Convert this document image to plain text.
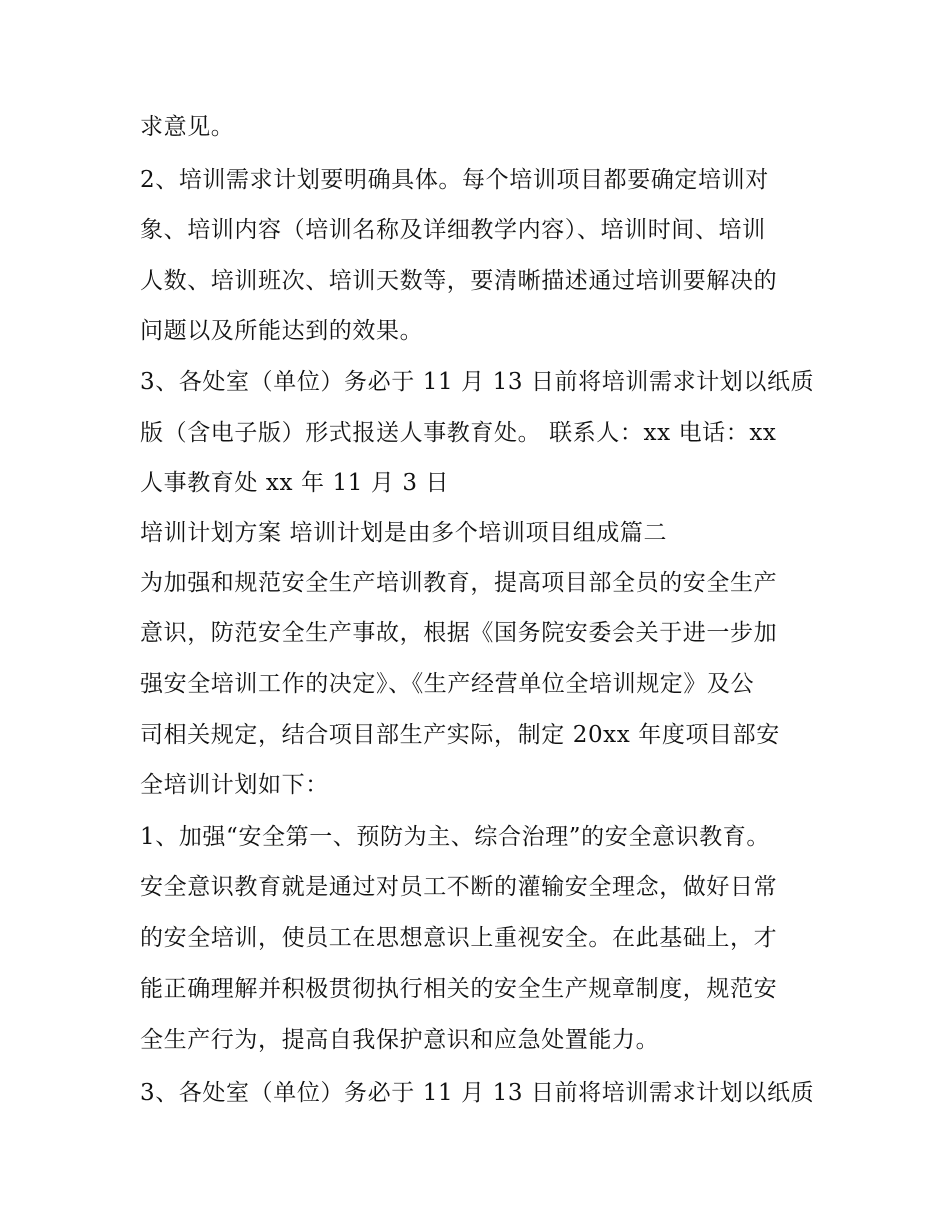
求意见。
2、培训需求计划要明确具体。每个培训项目都要确定培训对
象、培训内容（培训名称及详细教学内容）、培训时间、培训
人数、培训班次、培训天数等，要清晰描述通过培训要解决的
问题以及所能达到的效果。
3、各处室（单位）务必于 11 月 13 日前将培训需求计划以纸质
版（含电子版）形式报送人事教育处。 联系人：xx 电话：xx
人事教育处 xx 年 11 月 3 日
培训计划方案 培训计划是由多个培训项目组成篇二
为加强和规范安全生产培训教育，提高项目部全员的安全生产
意识，防范安全生产事故，根据《国务院安委会关于进一步加
强安全培训工作的决定》、《生产经营单位全培训规定》及公
司相关规定，结合项目部生产实际，制定 20xx 年度项目部安
全培训计划如下：
1、加强“安全第一、预防为主、综合治理”的安全意识教育。
安全意识教育就是通过对员工不断的灌输安全理念，做好日常
的安全培训，使员工在思想意识上重视安全。在此基础上，才
能正确理解并积极贯彻执行相关的安全生产规章制度，规范安
全生产行为，提高自我保护意识和应急处置能力。
3、各处室（单位）务必于 11 月 13 日前将培训需求计划以纸质
